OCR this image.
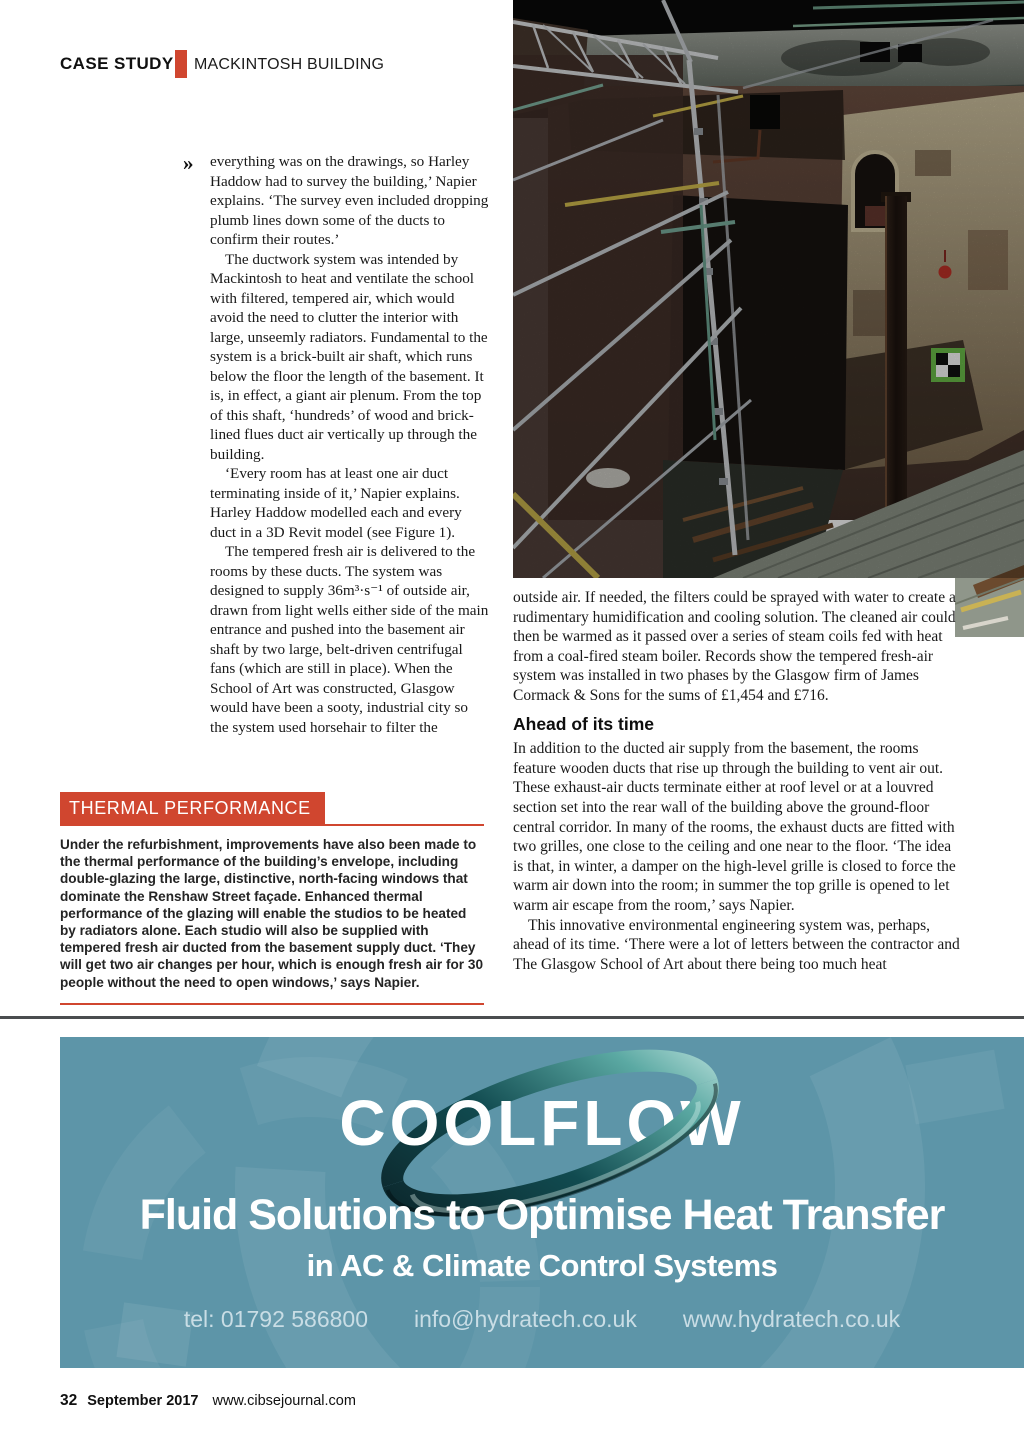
CASE STUDY MACKINTOSH BUILDING
» everything was on the drawings, so Harley Haddow had to survey the building,’ Napier explains. ‘The survey even included dropping plumb lines down some of the ducts to confirm their routes.’

The ductwork system was intended by Mackintosh to heat and ventilate the school with filtered, tempered air, which would avoid the need to clutter the interior with large, unseemly radiators. Fundamental to the system is a brick-built air shaft, which runs below the floor the length of the basement. It is, in effect, a giant air plenum. From the top of this shaft, ‘hundreds’ of wood and brick-lined flues duct air vertically up through the building.

‘Every room has at least one air duct terminating inside of it,’ Napier explains. Harley Haddow modelled each and every duct in a 3D Revit model (see Figure 1).

The tempered fresh air is delivered to the rooms by these ducts. The system was designed to supply 36m³·s⁻¹ of outside air, drawn from light wells either side of the main entrance and pushed into the basement air shaft by two large, belt-driven centrifugal fans (which are still in place). When the School of Art was constructed, Glasgow would have been a sooty, industrial city so the system used horsehair to filter the

THERMAL PERFORMANCE
Under the refurbishment, improvements have also been made to the thermal performance of the building’s envelope, including double-glazing the large, distinctive, north-facing windows that dominate the Renshaw Street façade. Enhanced thermal performance of the glazing will enable the studios to be heated by radiators alone. Each studio will also be supplied with tempered fresh air ducted from the basement supply duct. ‘They will get two air changes per hour, which is enough fresh air for 30 people without the need to open windows,’ says Napier.

outside air. If needed, the filters could be sprayed with water to create a rudimentary humidification and cooling solution. The cleaned air could then be warmed as it passed over a series of steam coils fed with heat from a coal-fired steam boiler. Records show the tempered fresh-air system was installed in two phases by the Glasgow firm of James Cormack & Sons for the sums of £1,454 and £716.

Ahead of its time

In addition to the ducted air supply from the basement, the rooms feature wooden ducts that rise up through the building to vent air out. These exhaust-air ducts terminate either at roof level or at a louvred section set into the rear wall of the building above the ground-floor central corridor. In many of the rooms, the exhaust ducts are fitted with two grilles, one close to the ceiling and one near to the floor. ‘The idea is that, in winter, a damper on the high-level grille is closed to force the warm air down into the room; in summer the top grille is opened to let warm air escape from the room,’ says Napier.

This innovative environmental engineering system was, perhaps, ahead of its time. ‘There were a lot of letters between the contractor and The Glasgow School of Art about there being too much heat

COOLFLOW
Fluid Solutions to Optimise Heat Transfer
in AC & Climate Control Systems
tel: 01792 586800 info@hydratech.co.uk www.hydratech.co.uk
32 September 2017 www.cibsejournal.com
